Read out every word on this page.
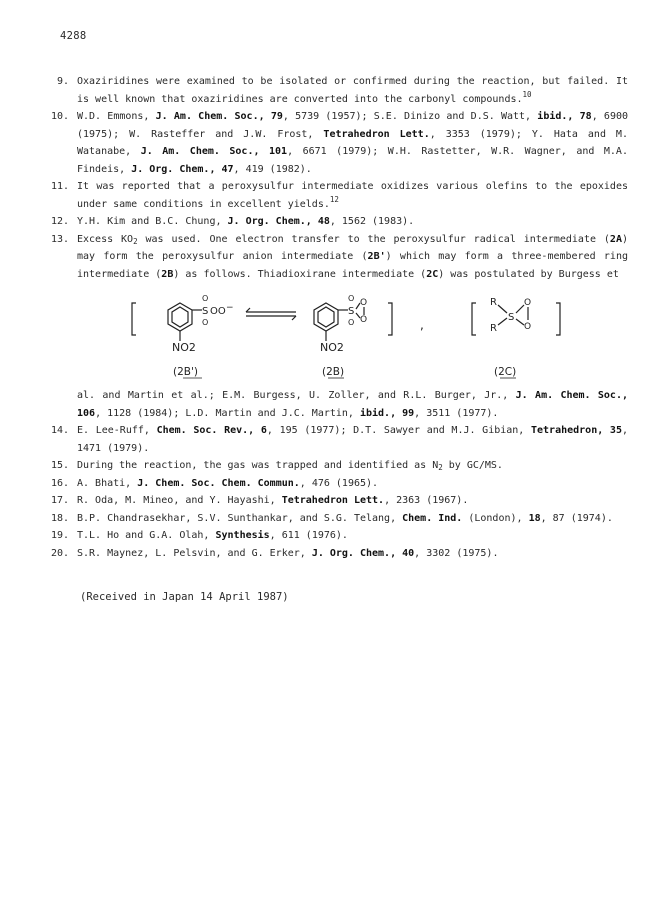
4288

9. Oxaziridines were examined to be isolated or confirmed during the reaction, but failed. It is well known that oxaziridines are converted into the carbonyl compounds.$^{10}$

10. W.D. Emmons, J. Am. Chem. Soc., 79, 5739 (1957); S.E. Dinizo and D.S. Watt, ibid., 78, 6900 (1975); W. Rasteffer and J.W. Frost, Tetrahedron Lett., 3353 (1979); Y. Hata and M. Watanabe, J. Am. Chem. Soc., 101, 6671 (1979); W.H. Rastetter, W.R. Wagner, and M.A. Findeis, J. Org. Chem., 47, 419 (1982).

11. It was reported that a peroxysulfur intermediate oxidizes various olefins to the epoxides under same conditions in excellent yields.$^{12}$

12. Y.H. Kim and B.C. Chung, J. Org. Chem., 48, 1562 (1983).

13. Excess $KO_2$ was used. One electron transfer to the peroxysulfur radical intermediate (2A) may form the peroxysulfur anion intermediate (2B') which may form a three-membered ring intermediate (2B) as follows. Thiadioxirane intermediate (2C) was postulated by Burgess et

S
O
O
OO −
NO2
S
O
O
O
O
NO2
,
R
R
S
O
O
(2B')	(2B)	(2C)

al. and Martin et al.; E.M. Burgess, U. Zoller, and R.L. Burger, Jr., J. Am. Chem. Soc., 106, 1128 (1984); L.D. Martin and J.C. Martin, ibid., 99, 3511 (1977).

14. E. Lee-Ruff, Chem. Soc. Rev., 6, 195 (1977); D.T. Sawyer and M.J. Gibian, Tetrahedron, 35, 1471 (1979).

15. During the reaction, the gas was trapped and identified as $N_2$ by GC/MS.

16. A. Bhati, J. Chem. Soc. Chem. Commun., 476 (1965).

17. R. Oda, M. Mineo, and Y. Hayashi, Tetrahedron Lett., 2363 (1967).

18. B.P. Chandrasekhar, S.V. Sunthankar, and S.G. Telang, Chem. Ind. (London), 18, 87 (1974).

19. T.L. Ho and G.A. Olah, Synthesis, 611 (1976).

20. S.R. Maynez, L. Pelsvin, and G. Erker, J. Org. Chem., 40, 3302 (1975).

(Received in Japan 14 April 1987)
